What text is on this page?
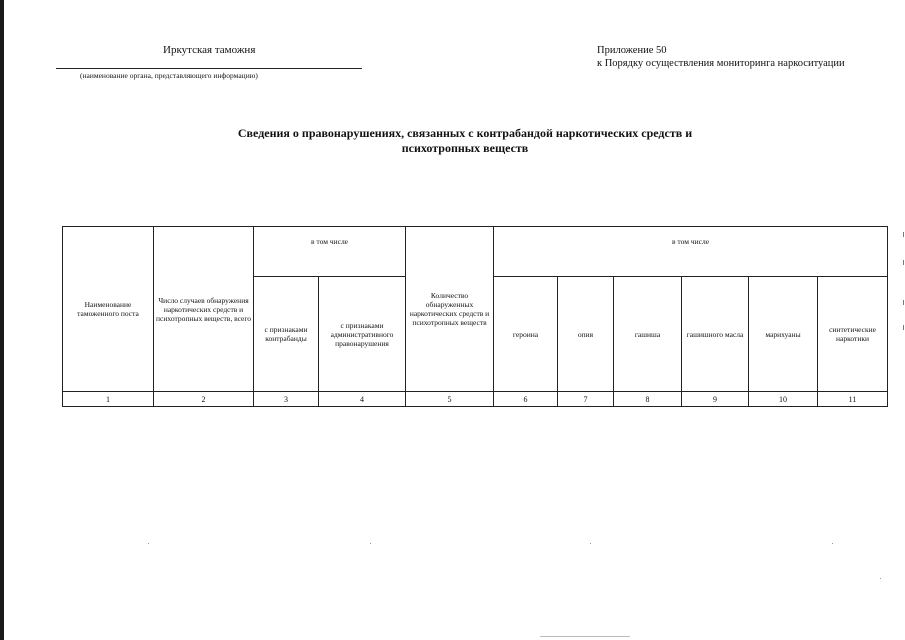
Иркутская таможня
(наименование органа, представляющего информацию)
Приложение 50
к Порядку осуществления мониторинга наркоситуации
Сведения о правонарушениях, связанных с контрабандой наркотических средств и
психотропных веществ
Наименование таможенного поста	Число случаев обнаружения наркотических средств и психотропных веществ, всего	в том числе		Количество обнаруженных наркотических средств и психотропных веществ	в том числе					
		с признаками контрабанды	с признаками административного правонарушения		героина	опия	гашиша	гашишного масла	марихуаны	синтетические наркотики
1	2	3	4	5	6	7	8	9	10	11
